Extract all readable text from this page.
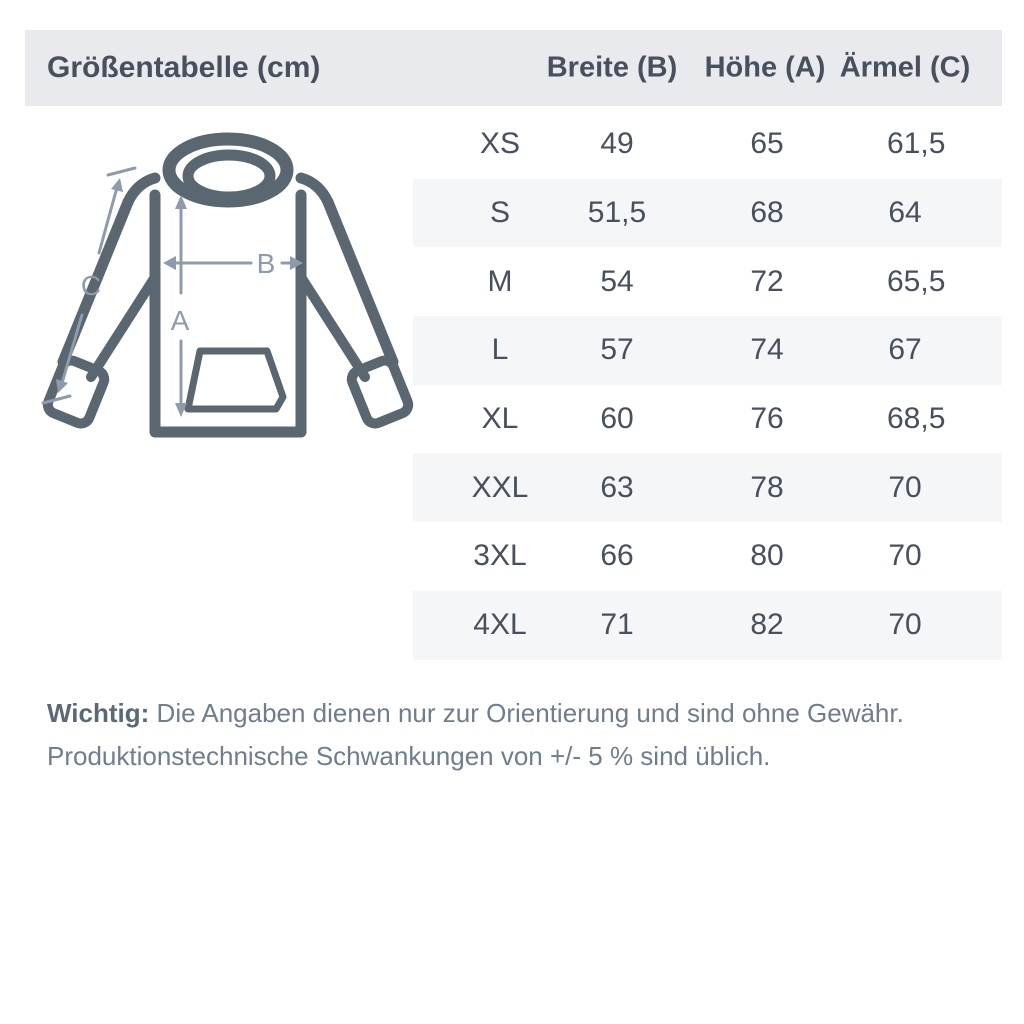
Größentabelle (cm)	Breite (B) Höhe (A) Ärmel (C)
A
B
C
XS	49	65	61,5
S	51,5	68	64
M	54	72	65,5
L	57	74	67
XL	60	76	68,5
XXL	63	78	70
3XL	66	80	70
4XL	71	82	70

Wichtig: Die Angaben dienen nur zur Orientierung und sind ohne Gewähr. Produktionstechnische Schwankungen von +/- 5 % sind üblich.
